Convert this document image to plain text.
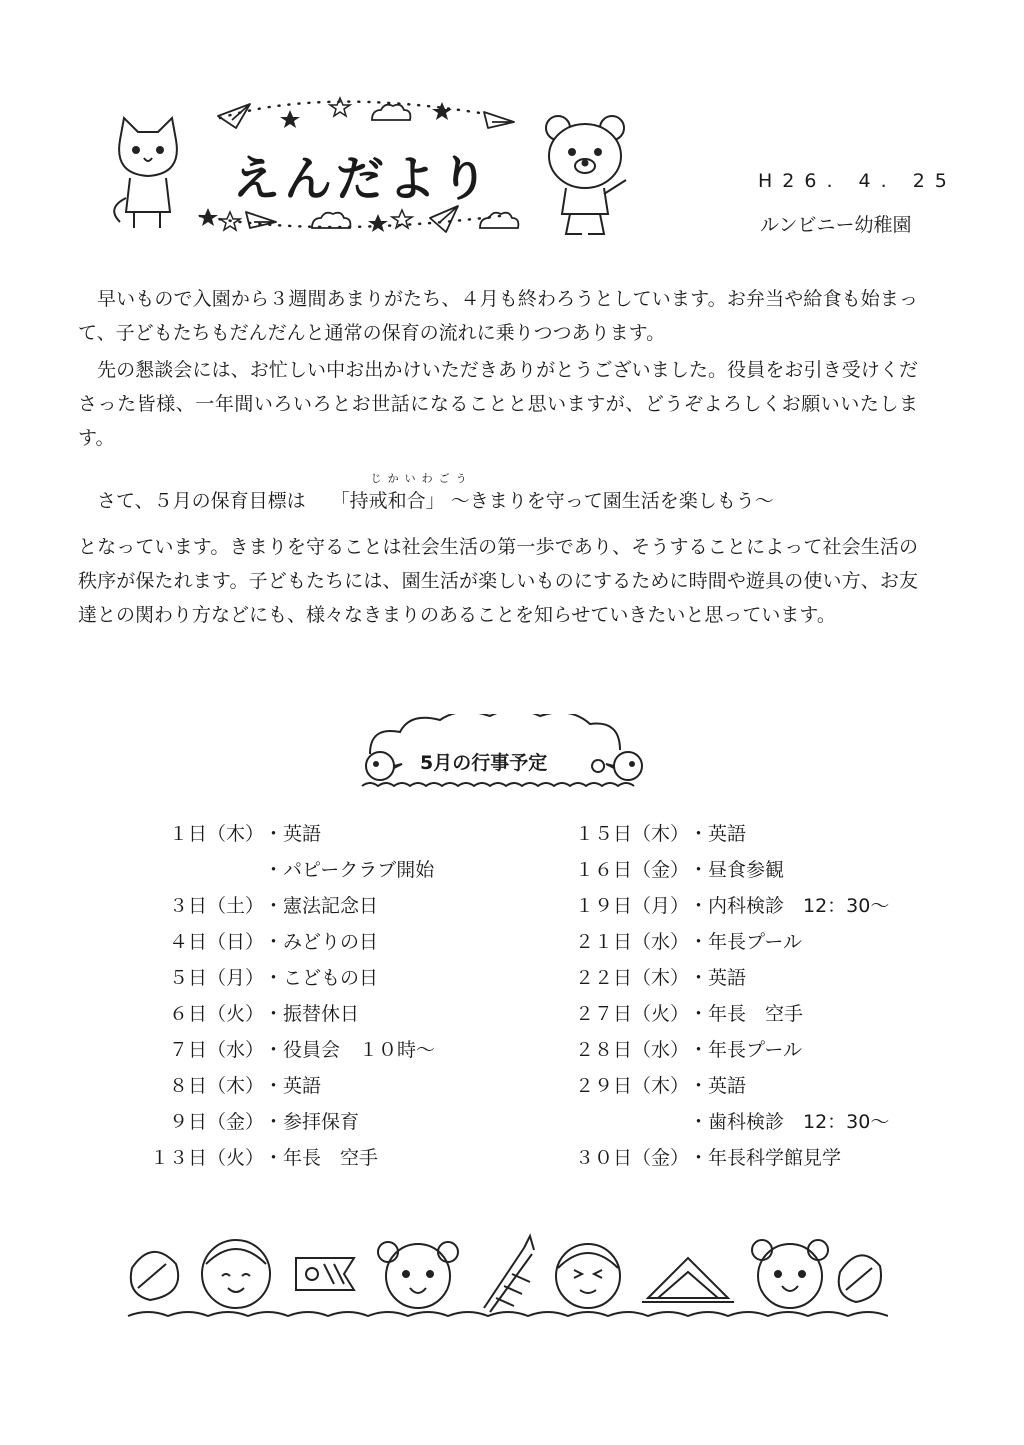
えんだより	H26. 4. 25
ルンビニー幼稚園

早いもので入園から３週間あまりがたち、４月も終わろうとしています。お弁当や給食も始まって、子どもたちもだんだんと通常の保育の流れに乗りつつあります。

先の懇談会には、お忙しい中お出かけいただきありがとうございました。役員をお引き受けくださった皆様、一年間いろいろとお世話になることと思いますが、どうぞよろしくお願いいたします。

さて、５月の保育目標は
じかいわごう
「持戒和合」 〜きまりを守って園生活を楽しもう〜

となっています。きまりを守ることは社会生活の第一歩であり、そうすることによって社会生活の秩序が保たれます。子どもたちには、園生活が楽しいものにするために時間や遊具の使い方、お友達との関わり方などにも、様々なきまりのあることを知らせていきたいと思っています。

5月の行事予定
１日（木） ・英語
・パピークラブ開始
３日（土） ・憲法記念日
４日（日） ・みどりの日
５日（月） ・こどもの日
６日（火） ・振替休日
７日（水） ・役員会　１０時〜
８日（木） ・英語
９日（金） ・参拝保育
１３日（火） ・年長　空手
１５日（木） ・英語
１６日（金） ・昼食参観
１９日（月） ・内科検診　12：30〜
２１日（水） ・年長プール
２２日（木） ・英語
２７日（火） ・年長　空手
２８日（水） ・年長プール
２９日（木） ・英語
・歯科検診　12：30〜
３０日（金） ・年長科学館見学
